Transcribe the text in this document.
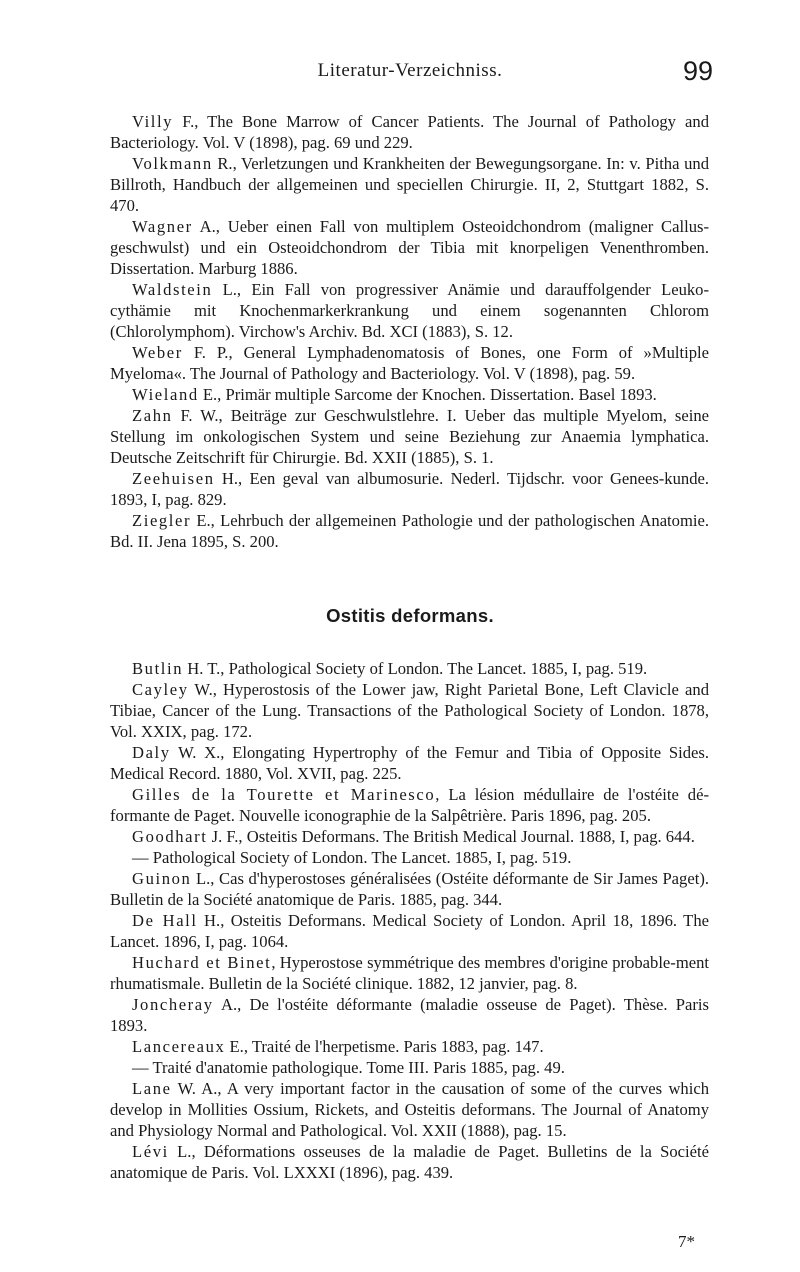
Literatur-Verzeichniss.	99

Villy F., The Bone Marrow of Cancer Patients. The Journal of Pathology and Bacteriology. Vol. V (1898), pag. 69 und 229.

Volkmann R., Verletzungen und Krankheiten der Bewegungsorgane. In: v. Pitha und Billroth, Handbuch der allgemeinen und speciellen Chirurgie. II, 2, Stuttgart 1882, S. 470.

Wagner A., Ueber einen Fall von multiplem Osteoidchondrom (maligner Callus-geschwulst) und ein Osteoidchondrom der Tibia mit knorpeligen Venenthromben. Dissertation. Marburg 1886.

Waldstein L., Ein Fall von progressiver Anämie und darauffolgender Leuko-cythämie mit Knochenmarkerkrankung und einem sogenannten Chlorom (Chlorolymphom). Virchow's Archiv. Bd. XCI (1883), S. 12.

Weber F. P., General Lymphadenomatosis of Bones, one Form of »Multiple Myeloma«. The Journal of Pathology and Bacteriology. Vol. V (1898), pag. 59.

Wieland E., Primär multiple Sarcome der Knochen. Dissertation. Basel 1893.

Zahn F. W., Beiträge zur Geschwulstlehre. I. Ueber das multiple Myelom, seine Stellung im onkologischen System und seine Beziehung zur Anaemia lymphatica. Deutsche Zeitschrift für Chirurgie. Bd. XXII (1885), S. 1.

Zeehuisen H., Een geval van albumosurie. Nederl. Tijdschr. voor Genees-kunde. 1893, I, pag. 829.

Ziegler E., Lehrbuch der allgemeinen Pathologie und der pathologischen Anatomie. Bd. II. Jena 1895, S. 200.

Ostitis deformans.

Butlin H. T., Pathological Society of London. The Lancet. 1885, I, pag. 519.

Cayley W., Hyperostosis of the Lower jaw, Right Parietal Bone, Left Clavicle and Tibiae, Cancer of the Lung. Transactions of the Pathological Society of London. 1878, Vol. XXIX, pag. 172.

Daly W. X., Elongating Hypertrophy of the Femur and Tibia of Opposite Sides. Medical Record. 1880, Vol. XVII, pag. 225.

Gilles de la Tourette et Marinesco, La lésion médullaire de l'ostéite dé-formante de Paget. Nouvelle iconographie de la Salpêtrière. Paris 1896, pag. 205.

Goodhart J. F., Osteitis Deformans. The British Medical Journal. 1888, I, pag. 644.

— Pathological Society of London. The Lancet. 1885, I, pag. 519.

Guinon L., Cas d'hyperostoses généralisées (Ostéite déformante de Sir James Paget). Bulletin de la Société anatomique de Paris. 1885, pag. 344.

De Hall H., Osteitis Deformans. Medical Society of London. April 18, 1896. The Lancet. 1896, I, pag. 1064.

Huchard et Binet, Hyperostose symmétrique des membres d'origine probable-ment rhumatismale. Bulletin de la Société clinique. 1882, 12 janvier, pag. 8.

Joncheray A., De l'ostéite déformante (maladie osseuse de Paget). Thèse. Paris 1893.

Lancereaux E., Traité de l'herpetisme. Paris 1883, pag. 147.

— Traité d'anatomie pathologique. Tome III. Paris 1885, pag. 49.

Lane W. A., A very important factor in the causation of some of the curves which develop in Mollities Ossium, Rickets, and Osteitis deformans. The Journal of Anatomy and Physiology Normal and Pathological. Vol. XXII (1888), pag. 15.

Lévi L., Déformations osseuses de la maladie de Paget. Bulletins de la Société anatomique de Paris. Vol. LXXXI (1896), pag. 439.

7*
